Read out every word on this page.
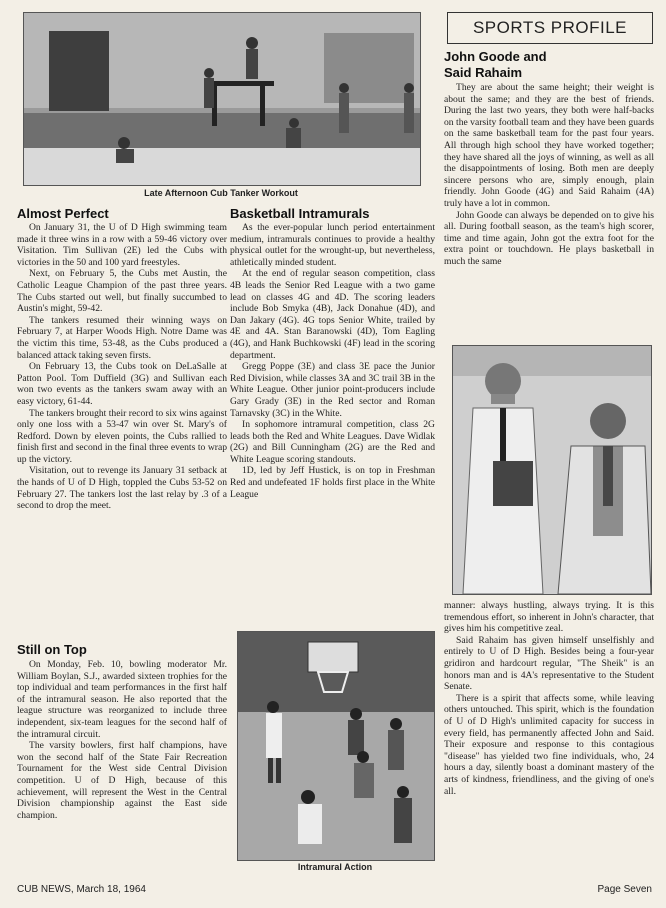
Late Afternoon Cub Tanker Workout
SPORTS PROFILE
John Goode and
Said Rahaim

They are about the same height; their weight is about the same; and they are the best of friends. During the last two years, they both were half-backs on the varsity football team and they have been guards on the same basketball team for the past four years. All through high school they have worked together; they have shared all the joys of winning, as well as all the disappointments of losing. Both men are deeply sincere persons who are, simply enough, plain friendly. John Goode (4G) and Said Rahaim (4A) truly have a lot in common.

John Goode can always be depended on to give his all. During football season, as the team's high scorer, time and time again, John got the extra foot for the extra point or touchdown. He plays basketball in much the same

manner: always hustling, always trying. It is this tremendous effort, so inherent in John's character, that gives him his competitive zeal.

Said Rahaim has given himself unselfishly and entirely to U of D High. Besides being a four-year gridiron and hardcourt regular, "The Sheik" is an honors man and is 4A's representative to the Student Senate.

There is a spirit that affects some, while leaving others untouched. This spirit, which is the foundation of U of D High's unlimited capacity for success in every field, has permanently affected John and Said. Their exposure and response to this contagious "disease" has yielded two fine individuals, who, 24 hours a day, silently boast a dominant mastery of the arts of kindness, friendliness, and the giving of one's all.

Almost Perfect

On January 31, the U of D High swimming team made it three wins in a row with a 59-46 victory over Visitation. Tim Sullivan (2E) led the Cubs with victories in the 50 and 100 yard freestyles.

Next, on February 5, the Cubs met Austin, the Catholic League Champion of the past three years. The Cubs started out well, but finally succumbed to Austin's might, 59-42.

The tankers resumed their winning ways on February 7, at Harper Woods High. Notre Dame was the victim this time, 53-48, as the Cubs produced a balanced attack taking seven firsts.

On February 13, the Cubs took on DeLaSalle at Patton Pool. Tom Duffield (3G) and Sullivan each won two events as the tankers swam away with an easy victory, 61-44.

The tankers brought their record to six wins against only one loss with a 53-47 win over St. Mary's of Redford. Down by eleven points, the Cubs rallied to finish first and second in the final three events to wrap up the victory.

Visitation, out to revenge its January 31 setback at the hands of U of D High, toppled the Cubs 53-52 on February 27. The tankers lost the last relay by .3 of a second to drop the meet.

Still on Top

On Monday, Feb. 10, bowling moderator Mr. William Boylan, S.J., awarded sixteen trophies for the top individual and team performances in the first half of the intramural season. He also reported that the league structure was reorganized to include three independent, six-team leagues for the second half of the intramural circuit.

The varsity bowlers, first half champions, have won the second half of the State Fair Recreation Tournament for the West side Central Division competition. U of D High, because of this achievement, will represent the West in the Central Division championship against the East side champion.

Basketball Intramurals

As the ever-popular lunch period entertainment medium, intramurals continues to provide a healthy physical outlet for the wrought-up, but nevertheless, athletically minded student.

At the end of regular season competition, class 4B leads the Senior Red League with a two game lead on classes 4G and 4D. The scoring leaders include Bob Smyka (4B), Jack Donahue (4D), and Dan Jakary (4G). 4G tops Senior White, trailed by 4E and 4A. Stan Baranowski (4D), Tom Eagling (4G), and Hank Buchkowski (4F) lead in the scoring department.

Gregg Poppe (3E) and class 3E pace the Junior Red Division, while classes 3A and 3C trail 3B in the White League. Other junior point-producers include Gary Grady (3E) in the Red sector and Roman Tarnavsky (3C) in the White.

In sophomore intramural competition, class 2G leads both the Red and White Leagues. Dave Widlak (2G) and Bill Cunningham (2G) are the Red and White League scoring standouts.

1D, led by Jeff Hustick, is on top in Freshman Red and undefeated 1F holds first place in the White League

Intramural Action
CUB NEWS, March 18, 1964	Page Seven
